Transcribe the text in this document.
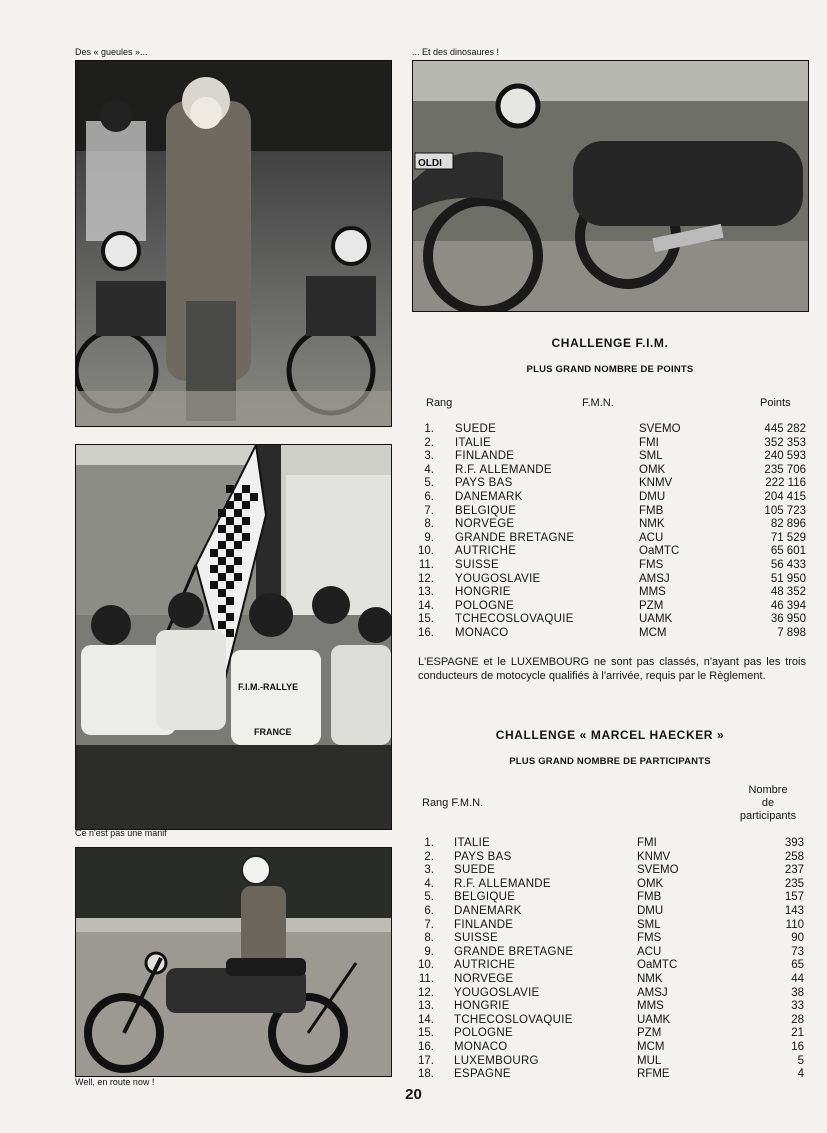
Des « gueules »...	... Et des dinosaures !
OLDI
CHALLENGE F.I.M.
PLUS GRAND NOMBRE DE POINTS
Rang	F.M.N.	Points
1. SUEDE	SVEMO	445 282
2. ITALIE	FMI	352 353
3. FINLANDE	SML	240 593
4. R.F. ALLEMANDE	OMK	235 706
5. PAYS BAS	KNMV	222 116
6. DANEMARK	DMU	204 415
7. BELGIQUE	FMB	105 723
8. NORVEGE	NMK	82 896
9. GRANDE BRETAGNE	ACU	71 529
10. AUTRICHE	OaMTC	65 601
11. SUISSE	FMS	56 433
12. YOUGOSLAVIE	AMSJ	51 950
13. HONGRIE	MMS	48 352
14. POLOGNE	PZM	46 394
15. TCHECOSLOVAQUIE	UAMK	36 950
16. MONACO	MCM	7 898
L'ESPAGNE et le LUXEMBOURG ne sont pas classés, n'ayant pas les trois conducteurs de motocycle qualifiés à l'arrivée, requis par le Règlement.
F.I.M.-RALLYE
FRANCE
Ce n'est pas une manif
CHALLENGE « MARCEL HAECKER »
PLUS GRAND NOMBRE DE PARTICIPANTS
Rang F.M.N.
Nombre
de
participants
1. ITALIE	FMI	393
2. PAYS BAS	KNMV	258
3. SUEDE	SVEMO	237
4. R.F. ALLEMANDE	OMK	235
5. BELGIQUE	FMB	157
6. DANEMARK	DMU	143
7. FINLANDE	SML	110
8. SUISSE	FMS	90
9. GRANDE BRETAGNE	ACU	73
10. AUTRICHE	OaMTC	65
11. NORVEGE	NMK	44
12. YOUGOSLAVIE	AMSJ	38
13. HONGRIE	MMS	33
14. TCHECOSLOVAQUIE	UAMK	28
15. POLOGNE	PZM	21
16. MONACO	MCM	16
17. LUXEMBOURG	MUL	5
18. ESPAGNE	RFME	4
Well, en route now !
20
